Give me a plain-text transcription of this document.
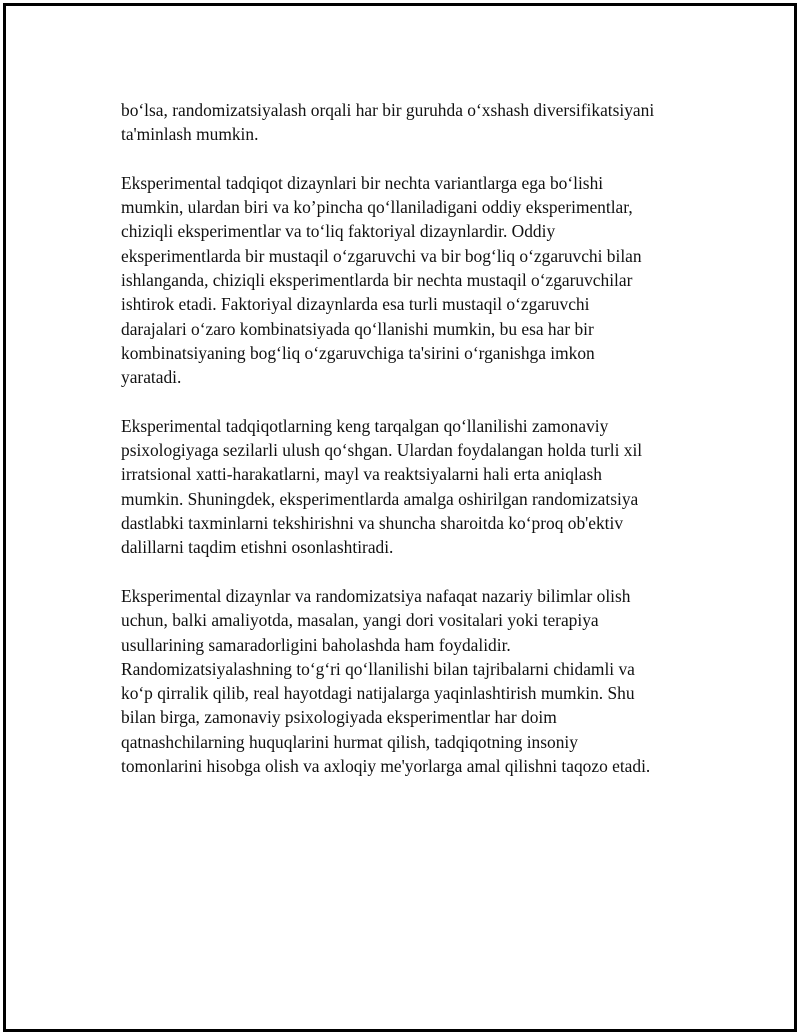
bo‘lsa, randomizatsiyalash orqali har bir guruhda o‘xshash diversifikatsiyani
ta'minlash mumkin.

Eksperimental tadqiqot dizaynlari bir nechta variantlarga ega bo‘lishi
mumkin, ulardan biri va ko’pincha qo‘llaniladigani oddiy eksperimentlar,
chiziqli eksperimentlar va to‘liq faktoriyal dizaynlardir. Oddiy
eksperimentlarda bir mustaqil o‘zgaruvchi va bir bog‘liq o‘zgaruvchi bilan
ishlanganda, chiziqli eksperimentlarda bir nechta mustaqil o‘zgaruvchilar
ishtirok etadi. Faktoriyal dizaynlarda esa turli mustaqil o‘zgaruvchi
darajalari o‘zaro kombinatsiyada qo‘llanishi mumkin, bu esa har bir
kombinatsiyaning bog‘liq o‘zgaruvchiga ta'sirini o‘rganishga imkon
yaratadi.

Eksperimental tadqiqotlarning keng tarqalgan qo‘llanilishi zamonaviy
psixologiyaga sezilarli ulush qo‘shgan. Ulardan foydalangan holda turli xil
irratsional xatti-harakatlarni, mayl va reaktsiyalarni hali erta aniqlash
mumkin. Shuningdek, eksperimentlarda amalga oshirilgan randomizatsiya
dastlabki taxminlarni tekshirishni va shuncha sharoitda ko‘proq ob'ektiv
dalillarni taqdim etishni osonlashtiradi.

Eksperimental dizaynlar va randomizatsiya nafaqat nazariy bilimlar olish
uchun, balki amaliyotda, masalan, yangi dori vositalari yoki terapiya
usullarining samaradorligini baholashda ham foydalidir.
Randomizatsiyalashning to‘g‘ri qo‘llanilishi bilan tajribalarni chidamli va
ko‘p qirralik qilib, real hayotdagi natijalarga yaqinlashtirish mumkin. Shu
bilan birga, zamonaviy psixologiyada eksperimentlar har doim
qatnashchilarning huquqlarini hurmat qilish, tadqiqotning insoniy
tomonlarini hisobga olish va axloqiy me'yorlarga amal qilishni taqozo etadi.
